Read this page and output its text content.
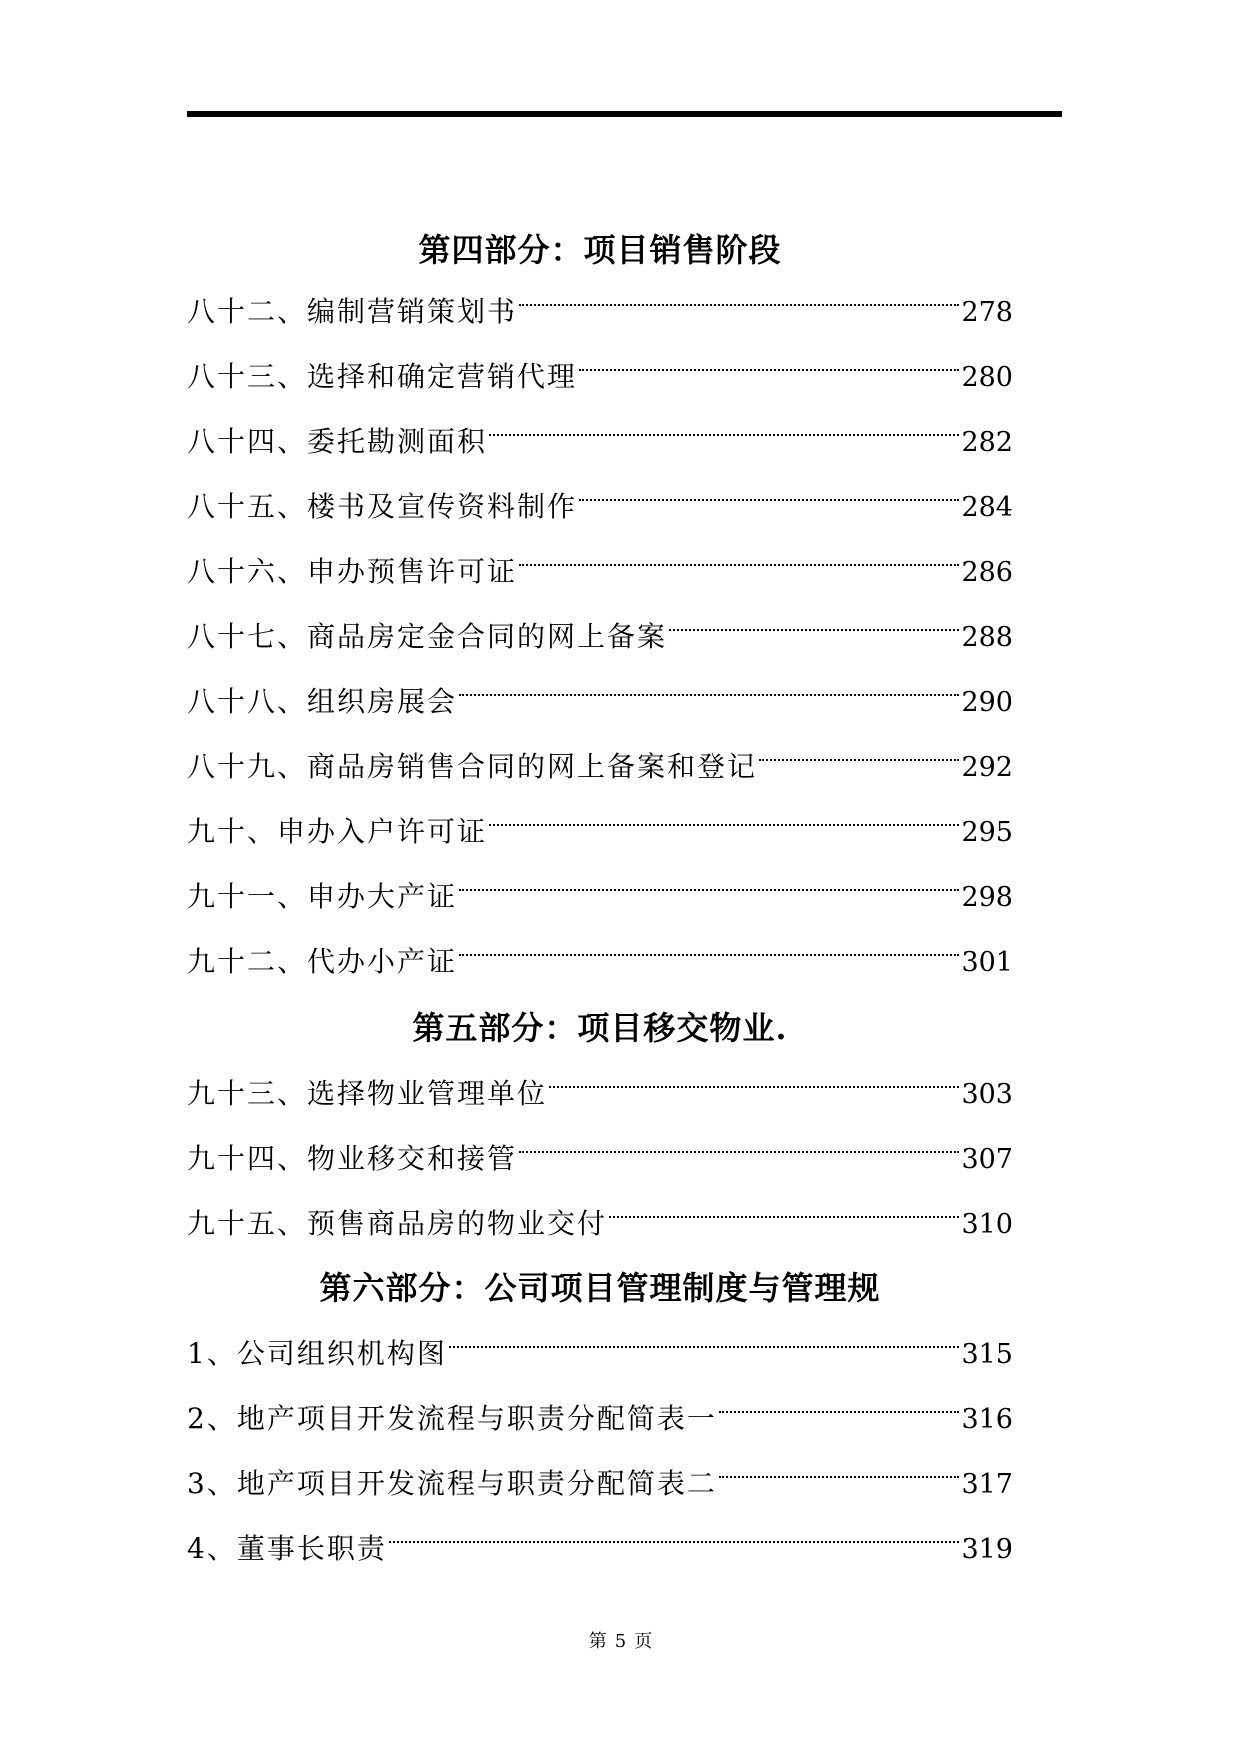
第四部分：项目销售阶段
八十二、编制营销策划书	278
八十三、选择和确定营销代理	280
八十四、委托勘测面积	282
八十五、楼书及宣传资料制作	284
八十六、申办预售许可证	286
八十七、商品房定金合同的网上备案	288
八十八、组织房展会	290
八十九、商品房销售合同的网上备案和登记	292
九十、申办入户许可证	295
九十一、申办大产证	298
九十二、代办小产证	301
第五部分：项目移交物业.
九十三、选择物业管理单位	303
九十四、物业移交和接管	307
九十五、预售商品房的物业交付	310
第六部分：公司项目管理制度与管理规
1、公司组织机构图	315
2、地产项目开发流程与职责分配简表一	316
3、地产项目开发流程与职责分配简表二	317
4、董事长职责	319
第 5 页
